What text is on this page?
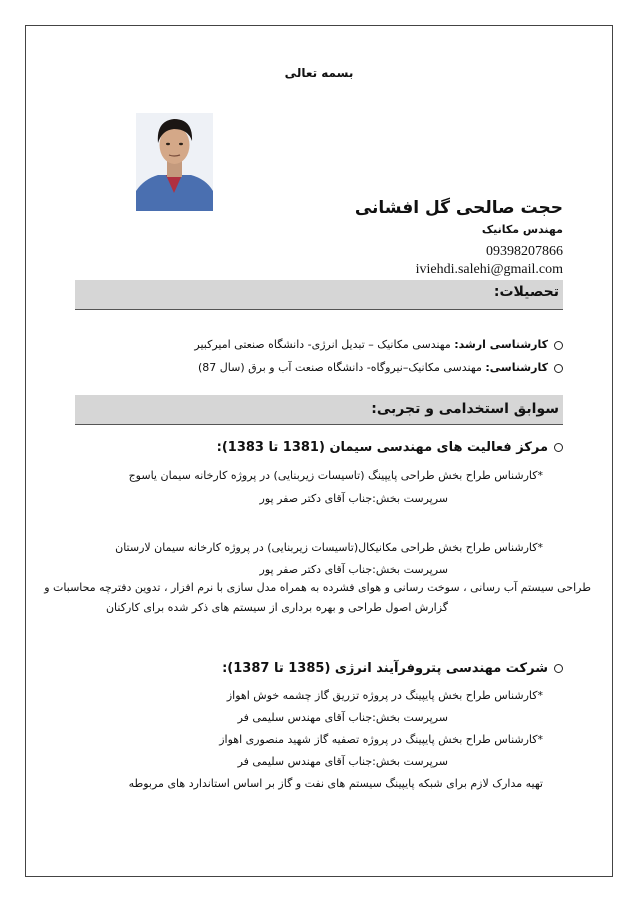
بسمه تعالی
حجت صالحی گل افشانی
مهندس مکانیک
09398207866
iviehdi.salehi@gmail.com
تحصیلات:
کارشناسی ارشد: مهندسی مکانیک – تبدیل انرژی- دانشگاه صنعتی امیرکبیر
کارشناسی: مهندسی مکانیک–نیروگاه- دانشگاه صنعت آب و برق (سال 87)
سوابق استخدامی و تجربی:
مرکز فعالیت های مهندسی سیمان (1381 تا 1383):
*کارشناس طراح بخش طراحی پایپینگ (تاسیسات زیربنایی) در پروژه کارخانه سیمان یاسوج
سرپرست بخش:جناب آقای دکتر صفر پور
*کارشناس طراح بخش طراحی مکانیکال(تاسیسات زیربنایی) در پروژه کارخانه سیمان لارستان
سرپرست بخش:جناب آقای دکتر صفر پور
طراحی سیستم آب رسانی ، سوخت رسانی و هوای فشرده به همراه مدل سازی با نرم افزار ، تدوین دفترچه محاسبات و
گزارش اصول طراحی و بهره برداری از سیستم های ذکر شده برای کارکنان
شرکت مهندسی پتروفرآیند انرژی (1385 تا 1387):
*کارشناس طراح بخش پایپینگ در پروژه تزریق گاز چشمه خوش اهواز
سرپرست بخش:جناب آقای مهندس سلیمی فر
*کارشناس طراح بخش پایپینگ در پروژه تصفیه گاز شهید منصوری اهواز
سرپرست بخش:جناب آقای مهندس سلیمی فر
تهیه مدارک لازم برای شبکه پایپینگ سیستم های نفت و گاز بر اساس استاندارد های مربوطه
